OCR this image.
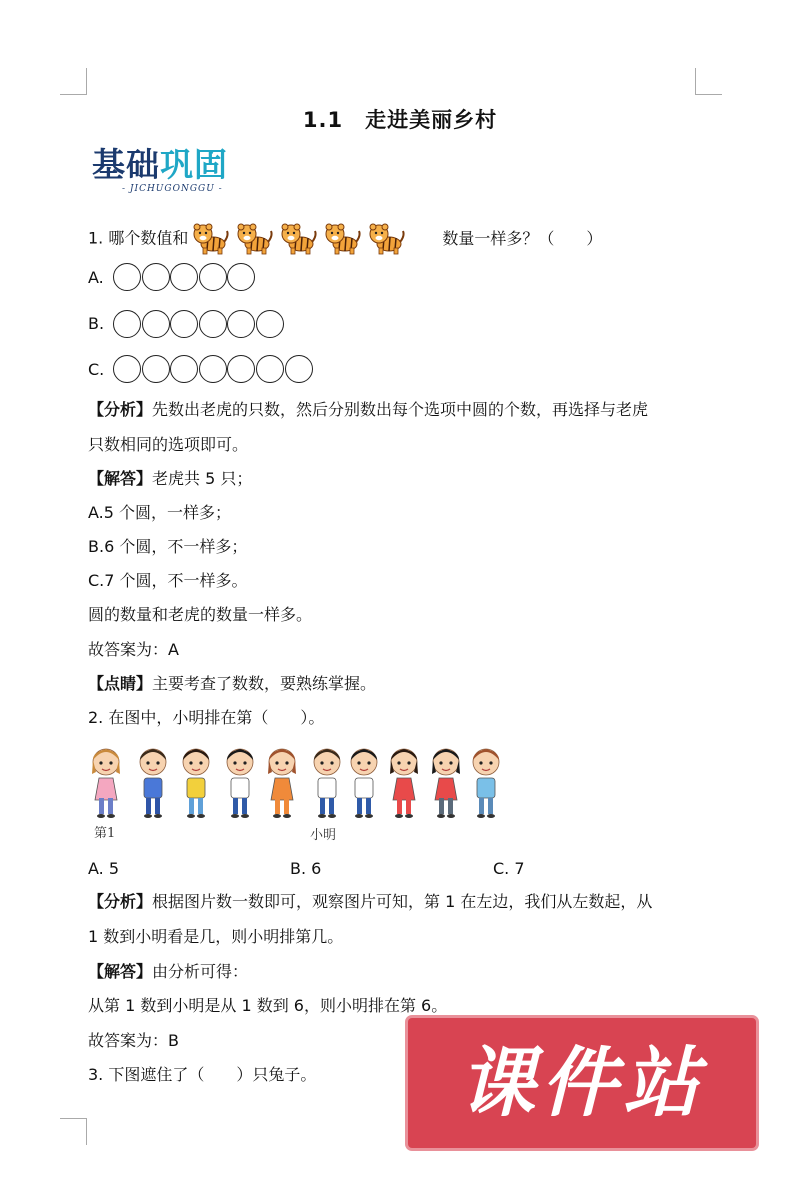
1.1　走进美丽乡村
基础巩固
- JICHUGONGGU -
1. 哪个数值和	数量一样多？（　　）
A.
B.
C.
【分析】先数出老虎的只数，然后分别数出每个选项中圆的个数，再选择与老虎
只数相同的选项即可。
【解答】老虎共 5 只；
A.5 个圆，一样多；
B.6 个圆，不一样多；
C.7 个圆，不一样多。
圆的数量和老虎的数量一样多。
故答案为：A
【点睛】主要考查了数数，要熟练掌握。
2. 在图中，小明排在第（　　）。
第1	小明
A. 5	B. 6	C. 7
【分析】根据图片数一数即可，观察图片可知，第 1 在左边，我们从左数起，从
1 数到小明看是几，则小明排第几。
【解答】由分析可得：
从第 1 数到小明是从 1 数到 6，则小明排在第 6。
故答案为：B
3. 下图遮住了（　　）只兔子。	课件站
